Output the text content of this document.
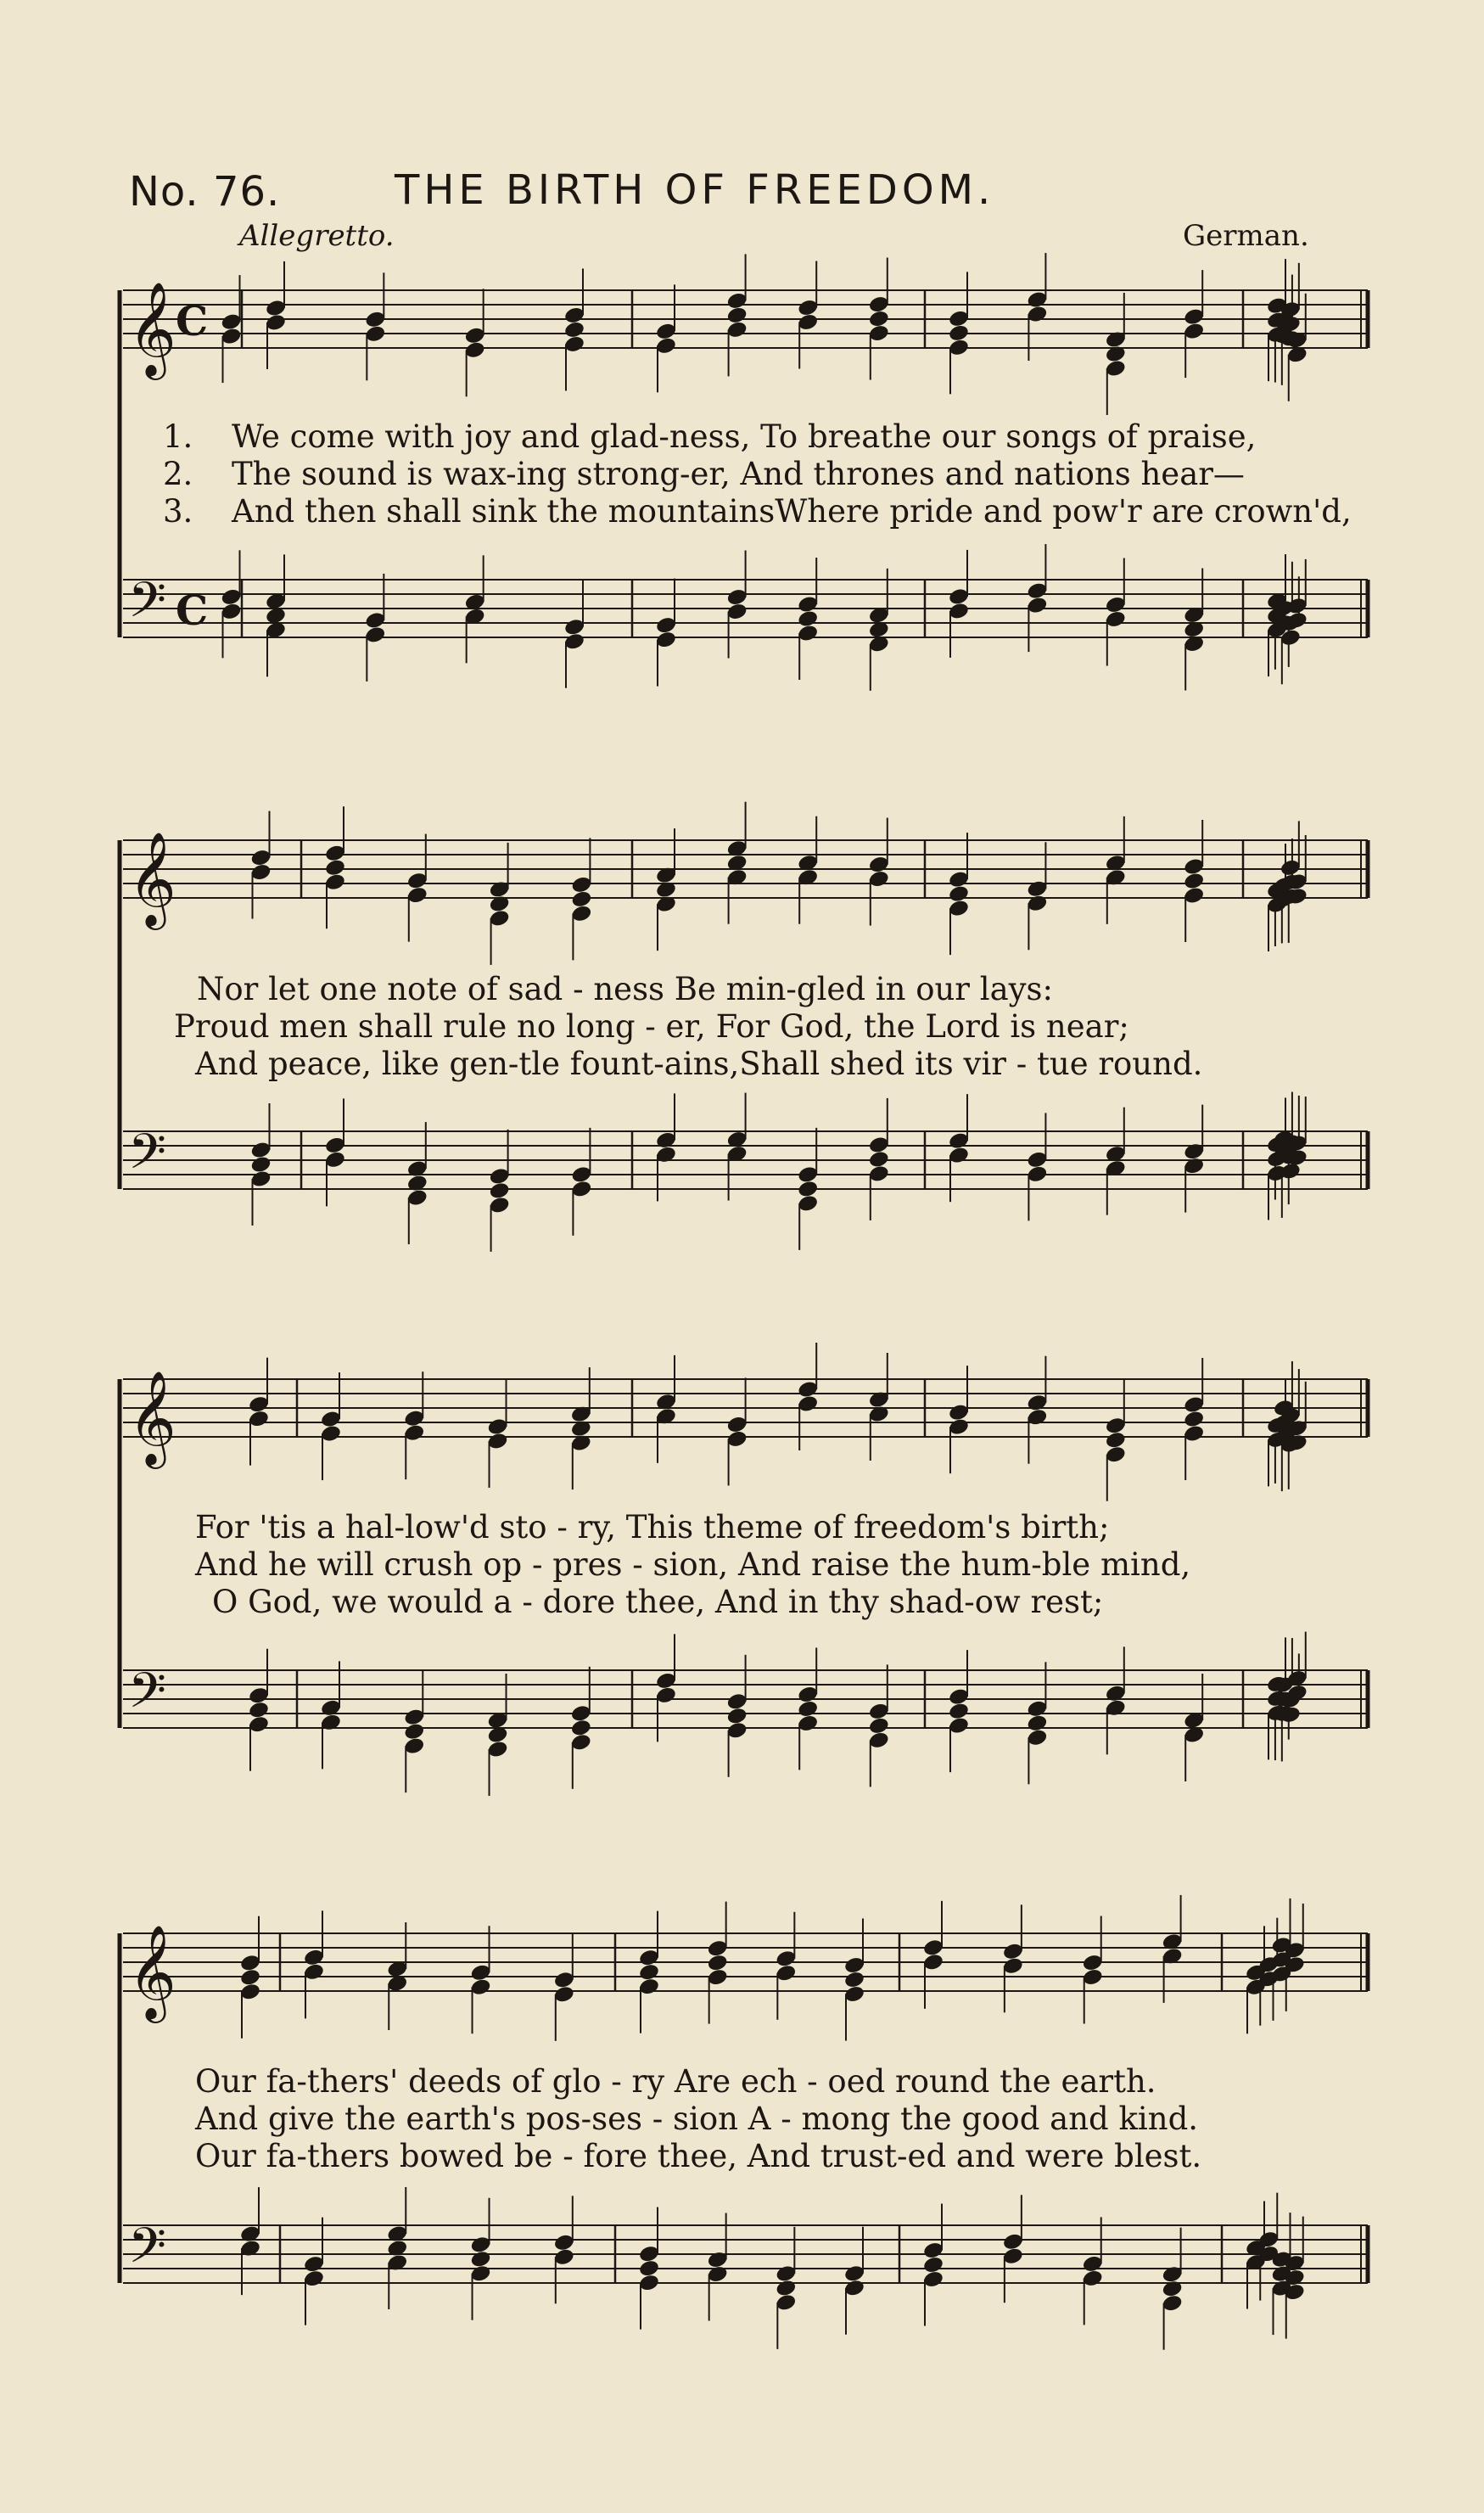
No. 76.	THE BIRTH OF FREEDOM.
Allegretto.	German.
𝄞 C
𝄢 C
𝄞
𝄢
𝄞
𝄢
𝄞
𝄢
1. We come with joy and glad-ness, To breathe our songs of praise,
2. The sound is wax-ing strong-er, And thrones and nations hear—
3. And then shall sink the mountainsWhere pride and pow'r are crown'd,
Nor let one note of sad - ness Be min-gled in our lays:
Proud men shall rule no long - er, For God, the Lord is near;
And peace, like gen-tle fount-ains,Shall shed its vir - tue round.
For 'tis a hal-low'd sto - ry, This theme of freedom's birth;
And he will crush op - pres - sion, And raise the hum-ble mind,
O God, we would a - dore thee, And in thy shad-ow rest;
Our fa-thers' deeds of glo - ry Are ech - oed round the earth.
And give the earth's pos-ses - sion A - mong the good and kind.
Our fa-thers bowed be - fore thee, And trust-ed and were blest.
